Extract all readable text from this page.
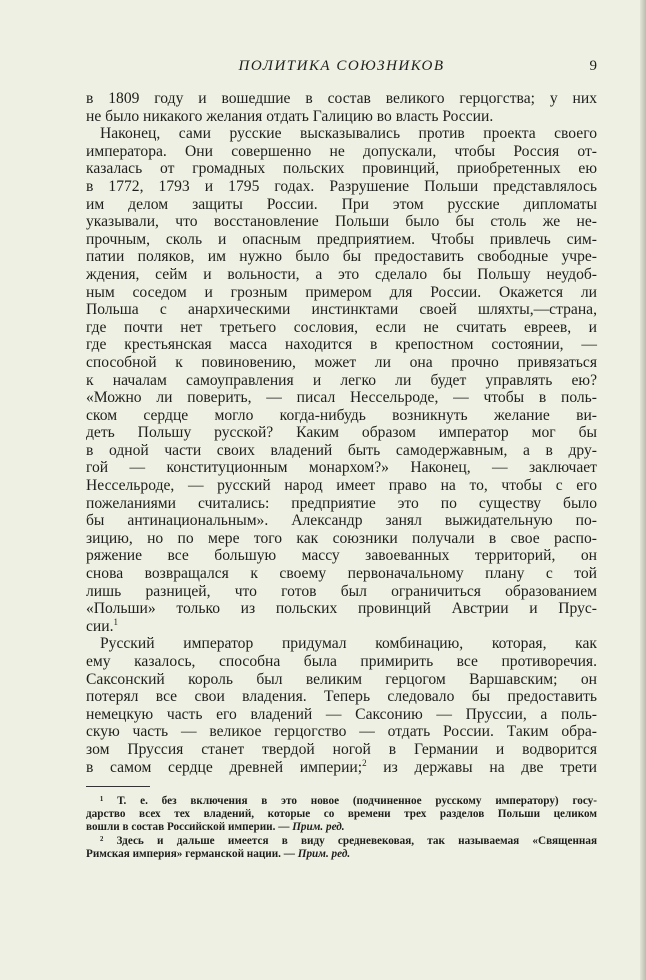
ПОЛИТИКА СОЮЗНИКОВ	9
в 1809 году и вошедшие в состав великого герцогства; у них
не было никакого желания отдать Галицию во власть России.
Наконец, сами русские высказывались против проекта своего
императора. Они совершенно не допускали, чтобы Россия от-
казалась от громадных польских провинций, приобретенных ею
в 1772, 1793 и 1795 годах. Разрушение Польши представлялось
им делом защиты России. При этом русские дипломаты
указывали, что восстановление Польши было бы столь же не-
прочным, сколь и опасным предприятием. Чтобы привлечь сим-
патии поляков, им нужно было бы предоставить свободные учре-
ждения, сейм и вольности, а это сделало бы Польшу неудоб-
ным соседом и грозным примером для России. Окажется ли
Польша с анархическими инстинктами своей шляхты,—страна,
где почти нет третьего сословия, если не считать евреев, и
где крестьянская масса находится в крепостном состоянии, —
способной к повиновению, может ли она прочно привязаться
к началам самоуправления и легко ли будет управлять ею?
«Можно ли поверить, — писал Нессельроде, — чтобы в поль-
ском сердце могло когда-нибудь возникнуть желание ви-
деть Польшу русской? Каким образом император мог бы
в одной части своих владений быть самодержавным, а в дру-
гой — конституционным монархом?» Наконец, — заключает
Нессельроде, — русский народ имеет право на то, чтобы с его
пожеланиями считались: предприятие это по существу было
бы антинациональным». Александр занял выжидательную по-
зицию, но по мере того как союзники получали в свое распо-
ряжение все большую массу завоеванных территорий, он
снова возвращался к своему первоначальному плану с той
лишь разницей, что готов был ограничиться образованием
«Польши» только из польских провинций Австрии и Прус-
сии.$^1$
Русский император придумал комбинацию, которая, как
ему казалось, способна была примирить все противоречия.
Саксонский король был великим герцогом Варшавским; он
потерял все свои владения. Теперь следовало бы предоставить
немецкую часть его владений — Саксонию — Пруссии, а поль-
скую часть — великое герцогство — отдать России. Таким обра-
зом Пруссия станет твердой ногой в Германии и водворится
в самом сердце древней империи;$^2$ из державы на две трети
¹ Т. е. без включения в это новое (подчиненное русскому императору) госу-
дарство всех тех владений, которые со времени трех разделов Польши целиком
вошли в состав Российской империи. — Прим. ред.
² Здесь и дальше имеется в виду средневековая, так называемая «Священная
Римская империя» германской нации. — Прим. ред.
